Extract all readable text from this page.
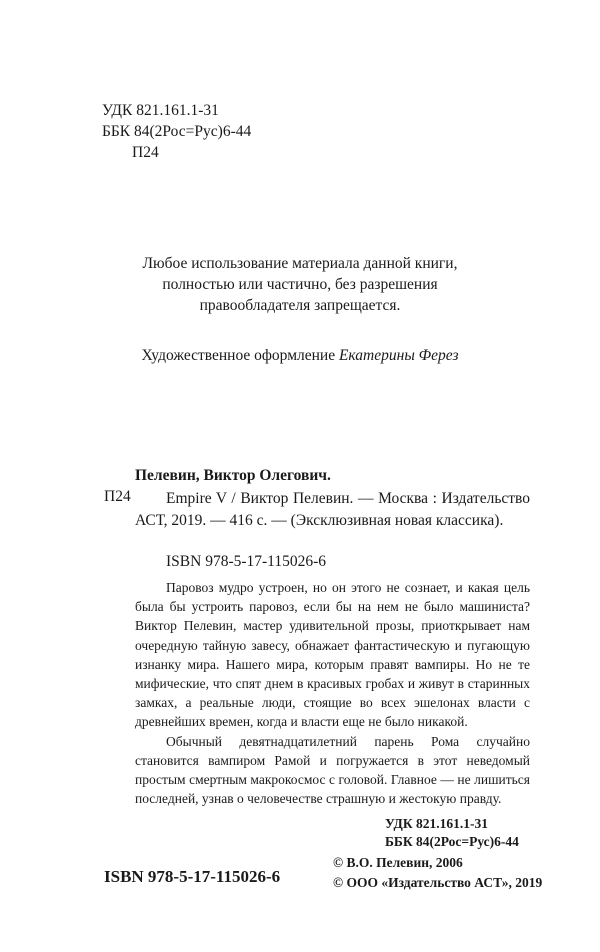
УДК 821.161.1-31
ББК 84(2Рос=Рус)6-44
П24
Любое использование материала данной книги,
полностью или частично, без разрешения
правообладателя запрещается.
Художественное оформление Екатерины Ферез
Пелевин, Виктор Олегович.
П24	Empire V / Виктор Пелевин. — Москва : Издательство АСТ, 2019. — 416 с. — (Эксклюзивная новая классика).
ISBN 978-5-17-115026-6

Паровоз мудро устроен, но он этого не сознает, и какая цель была бы устроить паровоз, если бы на нем не было машиниста? Виктор Пелевин, мастер удивительной прозы, приоткрывает нам очередную тайную завесу, обнажает фантастическую и пугающую изнанку мира. Нашего мира, которым правят вампиры. Но не те мифические, что спят днем в красивых гробах и живут в старинных замках, а реальные люди, стоящие во всех эшелонах власти с древнейших времен, когда и власти еще не было никакой.

Обычный девятнадцатилетний парень Рома случайно становится вампиром Рамой и погружается в этот неведомый простым смертным макрокосмос с головой. Главное — не лишиться последней, узнав о человечестве страшную и жестокую правду.

УДК 821.161.1-31
ББК 84(2Рос=Рус)6-44
ISBN 978-5-17-115026-6
© В.О. Пелевин, 2006
© ООО «Издательство АСТ», 2019
